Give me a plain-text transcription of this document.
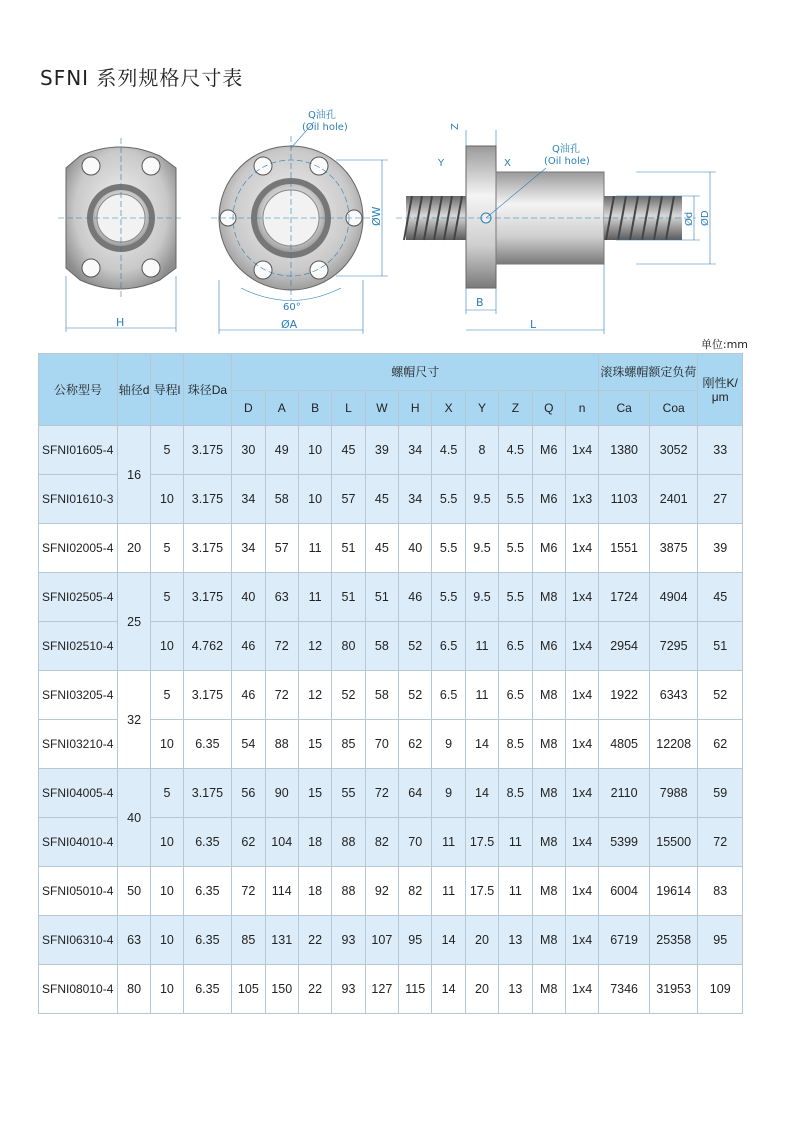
SFNI 系列规格尺寸表
H
60°
ØA
ØW
Q油孔
(Oil hole)	Z
Y	X
B
L
Ød ØD
Q油孔
(Oil hole)
单位:mm
公称型号	轴径d	导程l	珠径Da	螺帽尺寸											滚珠螺帽额定负荷		刚性K/μm
				D	A	B	L	W	H	X	Y	Z	Q	n	Ca	Coa	
SFNI01605-4	16	5	3.175	30	49	10	45	39	34	4.5	8	4.5	M6	1x4	1380	3052	33
SFNI01610-3		10	3.175	34	58	10	57	45	34	5.5	9.5	5.5	M6	1x3	1103	2401	27
SFNI02005-4	20	5	3.175	34	57	11	51	45	40	5.5	9.5	5.5	M6	1x4	1551	3875	39
SFNI02505-4	25	5	3.175	40	63	11	51	51	46	5.5	9.5	5.5	M8	1x4	1724	4904	45
SFNI02510-4		10	4.762	46	72	12	80	58	52	6.5	11	6.5	M6	1x4	2954	7295	51
SFNI03205-4	32	5	3.175	46	72	12	52	58	52	6.5	11	6.5	M8	1x4	1922	6343	52
SFNI03210-4		10	6.35	54	88	15	85	70	62	9	14	8.5	M8	1x4	4805	12208	62
SFNI04005-4	40	5	3.175	56	90	15	55	72	64	9	14	8.5	M8	1x4	2110	7988	59
SFNI04010-4		10	6.35	62	104	18	88	82	70	11	17.5	11	M8	1x4	5399	15500	72
SFNI05010-4	50	10	6.35	72	114	18	88	92	82	11	17.5	11	M8	1x4	6004	19614	83
SFNI06310-4	63	10	6.35	85	131	22	93	107	95	14	20	13	M8	1x4	6719	25358	95
SFNI08010-4	80	10	6.35	105	150	22	93	127	115	14	20	13	M8	1x4	7346	31953	109
